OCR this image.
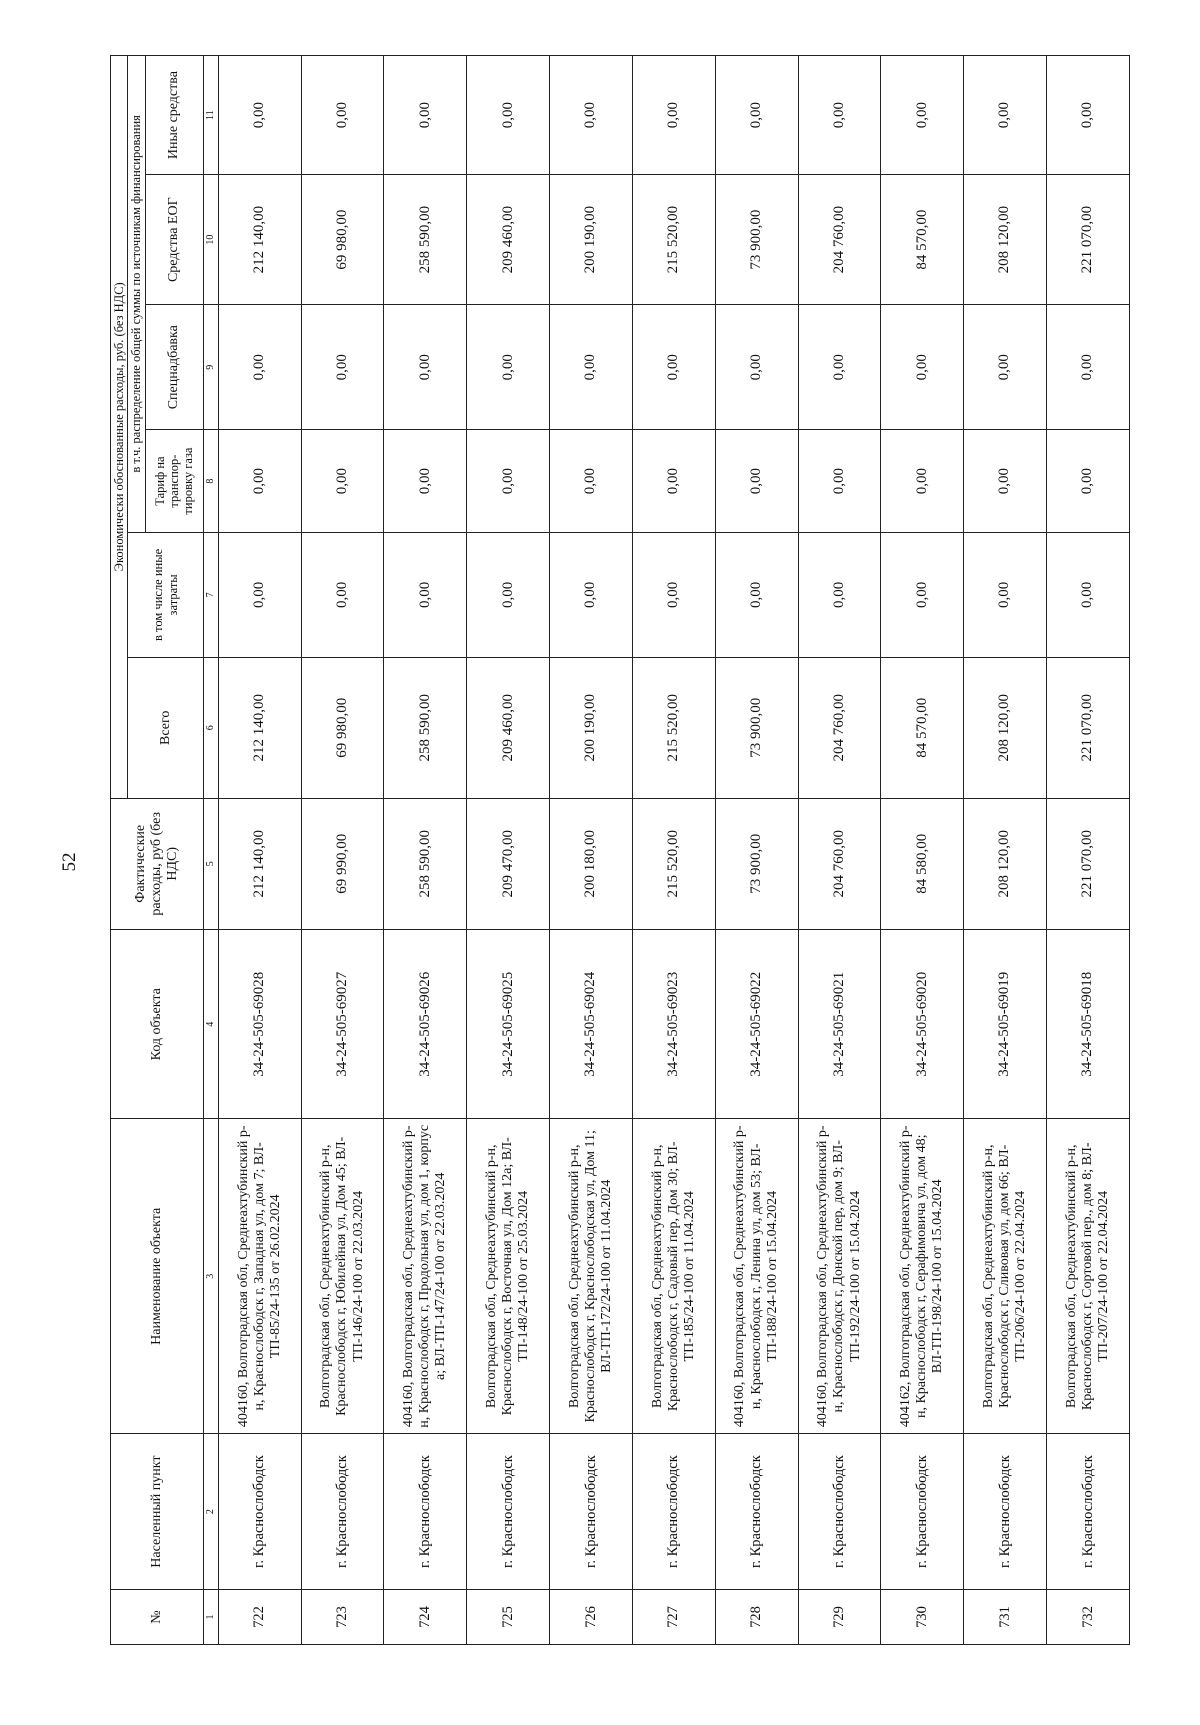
52
№	Населенный пункт	Наименование объекта	Код объекта	Фактические расходы, руб (без НДС)	Экономически обоснованные расходы, руб. (без НДС)					
					Всего	в том числе иные затраты	в т.ч. распределение общей суммы по источникам финансирования			
							Тариф на транспор-тировку газа	Спецнадбавка	Средства ЕОГ	Иные средства
1	2	3	4	5	6	7	8	9	10	11
722	г. Краснослободск	404160, Волгоградская обл, Среднеахтубинский р-н, Краснослободск г, Западная ул, дом 7; ВЛ-ТП-85/24-135 от 26.02.2024	34-24-505-69028	212 140,00	212 140,00	0,00	0,00	0,00	212 140,00	0,00
723	г. Краснослободск	Волгоградская обл, Среднеахтубинский р-н, Краснослободск г, Юбилейная ул, Дом 45; ВЛ-ТП-146/24-100 от 22.03.2024	34-24-505-69027	69 990,00	69 980,00	0,00	0,00	0,00	69 980,00	0,00
724	г. Краснослободск	404160, Волгоградская обл, Среднеахтубинский р-н, Краснослободск г, Продольная ул, дом 1, корпус а; ВЛ-ТП-147/24-100 от 22.03.2024	34-24-505-69026	258 590,00	258 590,00	0,00	0,00	0,00	258 590,00	0,00
725	г. Краснослободск	Волгоградская обл, Среднеахтубинский р-н, Краснослободск г, Восточная ул, Дом 12а; ВЛ-ТП-148/24-100 от 25.03.2024	34-24-505-69025	209 470,00	209 460,00	0,00	0,00	0,00	209 460,00	0,00
726	г. Краснослободск	Волгоградская обл, Среднеахтубинский р-н, Краснослободск г, Краснослободская ул, Дом 11; ВЛ-ТП-172/24-100 от 11.04.2024	34-24-505-69024	200 180,00	200 190,00	0,00	0,00	0,00	200 190,00	0,00
727	г. Краснослободск	Волгоградская обл, Среднеахтубинский р-н, Краснослободск г, Садовый пер, Дом 30; ВЛ-ТП-185/24-100 от 11.04.2024	34-24-505-69023	215 520,00	215 520,00	0,00	0,00	0,00	215 520,00	0,00
728	г. Краснослободск	404160, Волгоградская обл, Среднеахтубинский р-н, Краснослободск г, Ленина ул, дом 53; ВЛ-ТП-188/24-100 от 15.04.2024	34-24-505-69022	73 900,00	73 900,00	0,00	0,00	0,00	73 900,00	0,00
729	г. Краснослободск	404160, Волгоградская обл, Среднеахтубинский р-н, Краснослободск г, Донской пер, дом 9; ВЛ-ТП-192/24-100 от 15.04.2024	34-24-505-69021	204 760,00	204 760,00	0,00	0,00	0,00	204 760,00	0,00
730	г. Краснослободск	404162, Волгоградская обл, Среднеахтубинский р-н, Краснослободск г, Серафимовича ул, дом 48; ВЛ-ТП-198/24-100 от 15.04.2024	34-24-505-69020	84 580,00	84 570,00	0,00	0,00	0,00	84 570,00	0,00
731	г. Краснослободск	Волгоградская обл, Среднеахтубинский р-н, Краснослободск г, Сливовая ул, дом 66; ВЛ-ТП-206/24-100 от 22.04.2024	34-24-505-69019	208 120,00	208 120,00	0,00	0,00	0,00	208 120,00	0,00
732	г. Краснослободск	Волгоградская обл, Среднеахтубинский р-н, Краснослободск г, Сортовой пер., дом 8; ВЛ-ТП-207/24-100 от 22.04.2024	34-24-505-69018	221 070,00	221 070,00	0,00	0,00	0,00	221 070,00	0,00
